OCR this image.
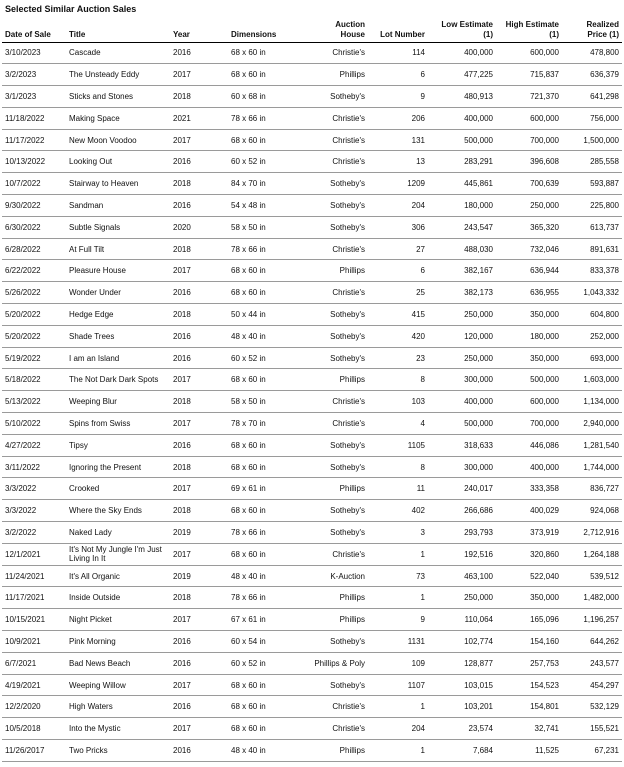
Selected Similar Auction Sales
Date of Sale	Title	Year	Dimensions	Auction House	Lot Number	Low Estimate (1)	High Estimate (1)	Realized Price (1)
3/10/2023	Cascade	2016	68 x 60 in	Christie's	114	400,000	600,000	478,800
3/2/2023	The Unsteady Eddy	2017	68 x 60 in	Phillips	6	477,225	715,837	636,379
3/1/2023	Sticks and Stones	2018	60 x 68 in	Sotheby's	9	480,913	721,370	641,298
11/18/2022	Making Space	2021	78 x 66 in	Christie's	206	400,000	600,000	756,000
11/17/2022	New Moon Voodoo	2017	68 x 60 in	Christie's	131	500,000	700,000	1,500,000
10/13/2022	Looking Out	2016	60 x 52 in	Christie's	13	283,291	396,608	285,558
10/7/2022	Stairway to Heaven	2018	84 x 70 in	Sotheby's	1209	445,861	700,639	593,887
9/30/2022	Sandman	2016	54 x 48 in	Sotheby's	204	180,000	250,000	225,800
6/30/2022	Subtle Signals	2020	58 x 50 in	Sotheby's	306	243,547	365,320	613,737
6/28/2022	At Full Tilt	2018	78 x 66 in	Christie's	27	488,030	732,046	891,631
6/22/2022	Pleasure House	2017	68 x 60 in	Phillips	6	382,167	636,944	833,378
5/26/2022	Wonder Under	2016	68 x 60 in	Christie's	25	382,173	636,955	1,043,332
5/20/2022	Hedge Edge	2018	50 x 44 in	Sotheby's	415	250,000	350,000	604,800
5/20/2022	Shade Trees	2016	48 x 40 in	Sotheby's	420	120,000	180,000	252,000
5/19/2022	I am an Island	2016	60 x 52 in	Sotheby's	23	250,000	350,000	693,000
5/18/2022	The Not Dark Dark Spots	2017	68 x 60 in	Phillips	8	300,000	500,000	1,603,000
5/13/2022	Weeping Blur	2018	58 x 50 in	Christie's	103	400,000	600,000	1,134,000
5/10/2022	Spins from Swiss	2017	78 x 70 in	Christie's	4	500,000	700,000	2,940,000
4/27/2022	Tipsy	2016	68 x 60 in	Sotheby's	1105	318,633	446,086	1,281,540
3/11/2022	Ignoring the Present	2018	68 x 60 in	Sotheby's	8	300,000	400,000	1,744,000
3/3/2022	Crooked	2017	69 x 61 in	Phillips	11	240,017	333,358	836,727
3/3/2022	Where the Sky Ends	2018	68 x 60 in	Sotheby's	402	266,686	400,029	924,068
3/2/2022	Naked Lady	2019	78 x 66 in	Sotheby's	3	293,793	373,919	2,712,916
12/1/2021	It's Not My Jungle I'm Just Living In It	2017	68 x 60 in	Christie's	1	192,516	320,860	1,264,188
11/24/2021	It's All Organic	2019	48 x 40 in	K-Auction	73	463,100	522,040	539,512
11/17/2021	Inside Outside	2018	78 x 66 in	Phillips	1	250,000	350,000	1,482,000
10/15/2021	Night Picket	2017	67 x 61 in	Phillips	9	110,064	165,096	1,196,257
10/9/2021	Pink Morning	2016	60 x 54 in	Sotheby's	1131	102,774	154,160	644,262
6/7/2021	Bad News Beach	2016	60 x 52 in	Phillips & Poly	109	128,877	257,753	243,577
4/19/2021	Weeping Willow	2017	68 x 60 in	Sotheby's	1107	103,015	154,523	454,297
12/2/2020	High Waters	2016	68 x 60 in	Christie's	1	103,201	154,801	532,129
10/5/2018	Into the Mystic	2017	68 x 60 in	Christie's	204	23,574	32,741	155,521
11/26/2017	Two Pricks	2016	48 x 40 in	Phillips	1	7,684	11,525	67,231
